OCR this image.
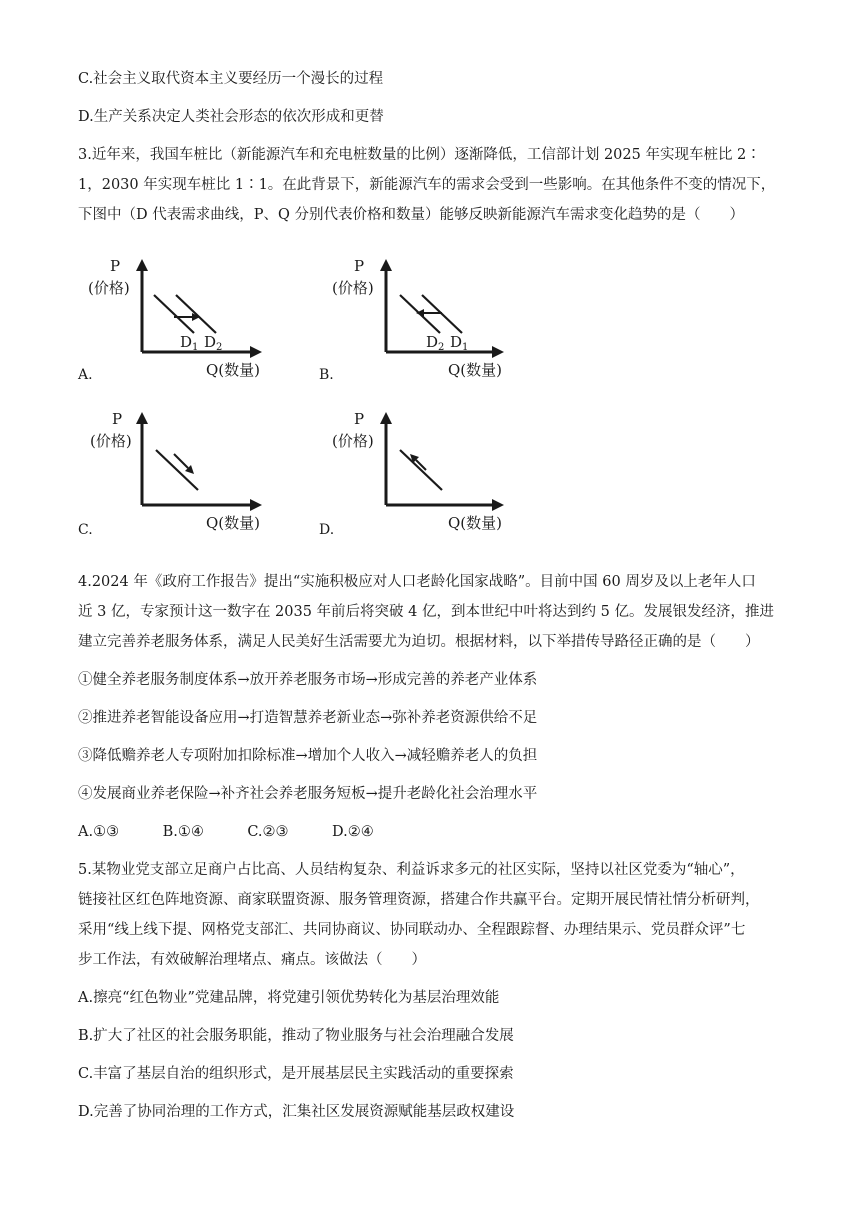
C.社会主义取代资本主义要经历一个漫长的过程
D.生产关系决定人类社会形态的依次形成和更替
3.近年来，我国车桩比（新能源汽车和充电桩数量的比例）逐渐降低，工信部计划 2025 年实现车桩比 2∶
1，2030 年实现车桩比 1∶1。在此背景下，新能源汽车的需求会受到一些影响。在其他条件不变的情况下，
下图中（D 代表需求曲线，P、Q 分别代表价格和数量）能够反映新能源汽车需求变化趋势的是（　　）
P
(价格)
$D_1$ $D_2$
Q(数量)
A.
P
(价格)
$D_2$ $D_1$
Q(数量)
B.
P
(价格)
Q(数量)
C.
P
(价格)
Q(数量)
D.
4.2024 年《政府工作报告》提出“实施积极应对人口老龄化国家战略”。目前中国 60 周岁及以上老年人口
近 3 亿，专家预计这一数字在 2035 年前后将突破 4 亿，到本世纪中叶将达到约 5 亿。发展银发经济，推进
建立完善养老服务体系，满足人民美好生活需要尤为迫切。根据材料，以下举措传导路径正确的是（　　）
①健全养老服务制度体系→放开养老服务市场→形成完善的养老产业体系
②推进养老智能设备应用→打造智慧养老新业态→弥补养老资源供给不足
③降低赡养老人专项附加扣除标准→增加个人收入→减轻赡养老人的负担
④发展商业养老保险→补齐社会养老服务短板→提升老龄化社会治理水平
A.①③　　　B.①④　　　C.②③　　　D.②④
5.某物业党支部立足商户占比高、人员结构复杂、利益诉求多元的社区实际，坚持以社区党委为“轴心”，
链接社区红色阵地资源、商家联盟资源、服务管理资源，搭建合作共赢平台。定期开展民情社情分析研判，
采用“线上线下提、网格党支部汇、共同协商议、协同联动办、全程跟踪督、办理结果示、党员群众评”七
步工作法，有效破解治理堵点、痛点。该做法（　　）
A.擦亮“红色物业”党建品牌，将党建引领优势转化为基层治理效能
B.扩大了社区的社会服务职能，推动了物业服务与社会治理融合发展
C.丰富了基层自治的组织形式，是开展基层民主实践活动的重要探索
D.完善了协同治理的工作方式，汇集社区发展资源赋能基层政权建设
